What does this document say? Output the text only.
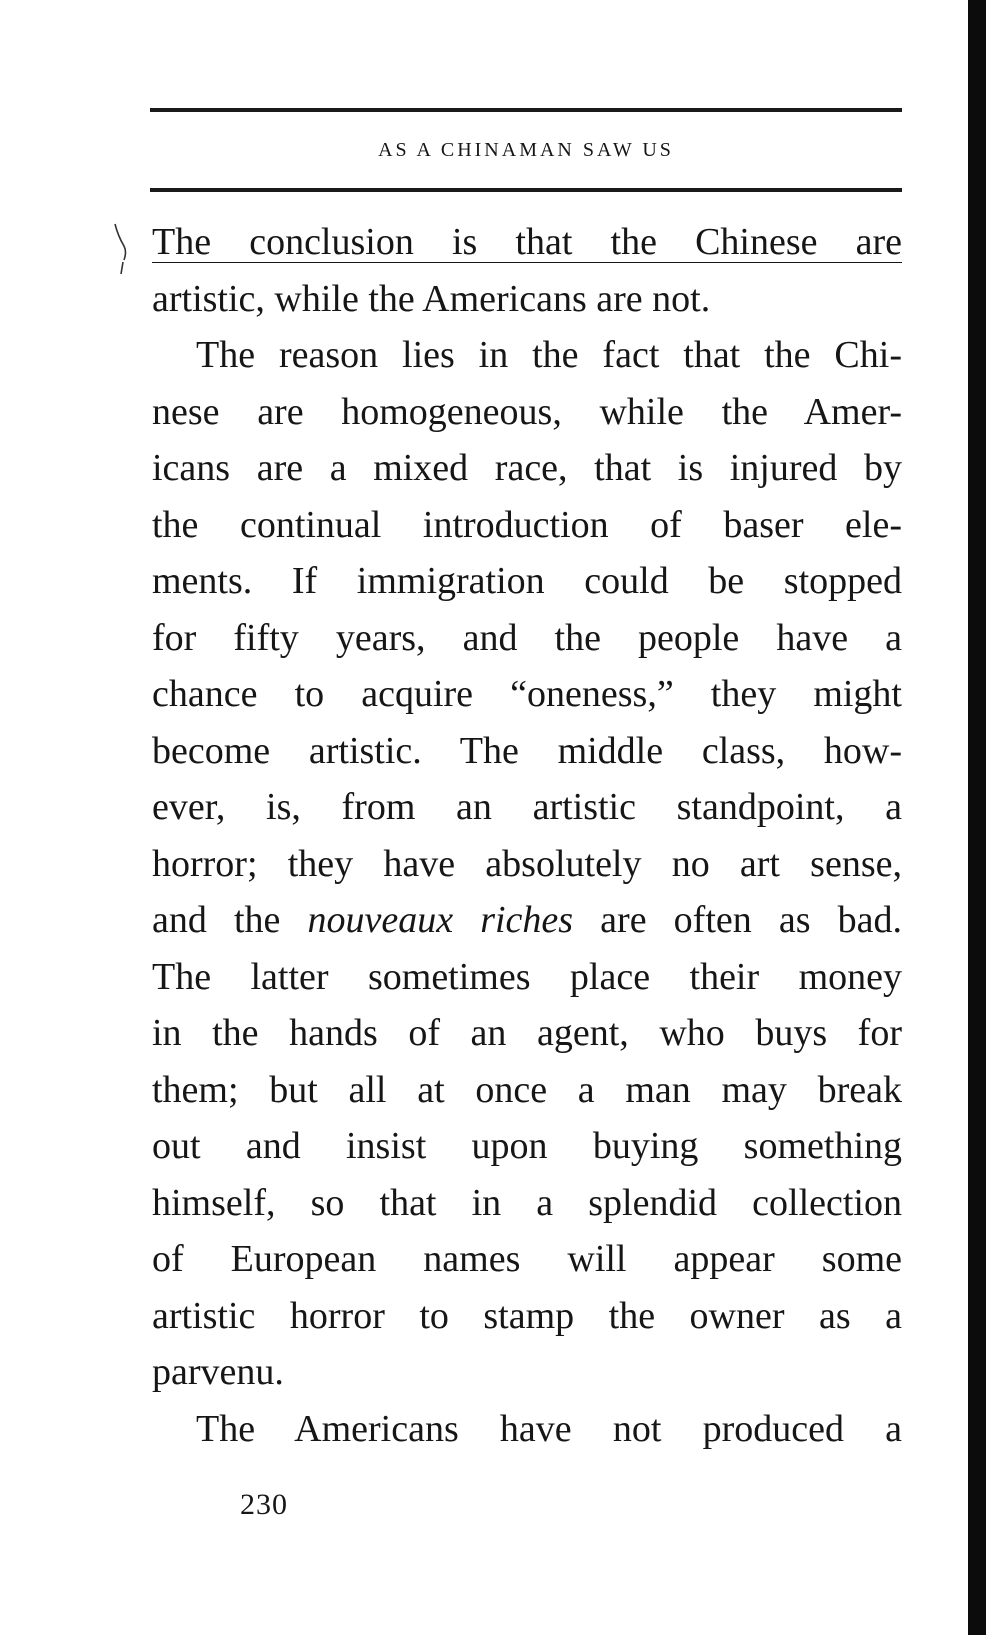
AS A CHINAMAN SAW US
The conclusion is that the Chinese are
artistic, while the Americans are not.
The reason lies in the fact that the Chi-
nese are homogeneous, while the Amer-
icans are a mixed race, that is injured by
the continual introduction of baser ele-
ments. If immigration could be stopped
for fifty years, and the people have a
chance to acquire “oneness,” they might
become artistic. The middle class, how-
ever, is, from an artistic standpoint, a
horror; they have absolutely no art sense,
and the nouveaux riches are often as bad.
The latter sometimes place their money
in the hands of an agent, who buys for
them; but all at once a man may break
out and insist upon buying something
himself, so that in a splendid collection
of European names will appear some
artistic horror to stamp the owner as a
parvenu.
The Americans have not produced a
230
